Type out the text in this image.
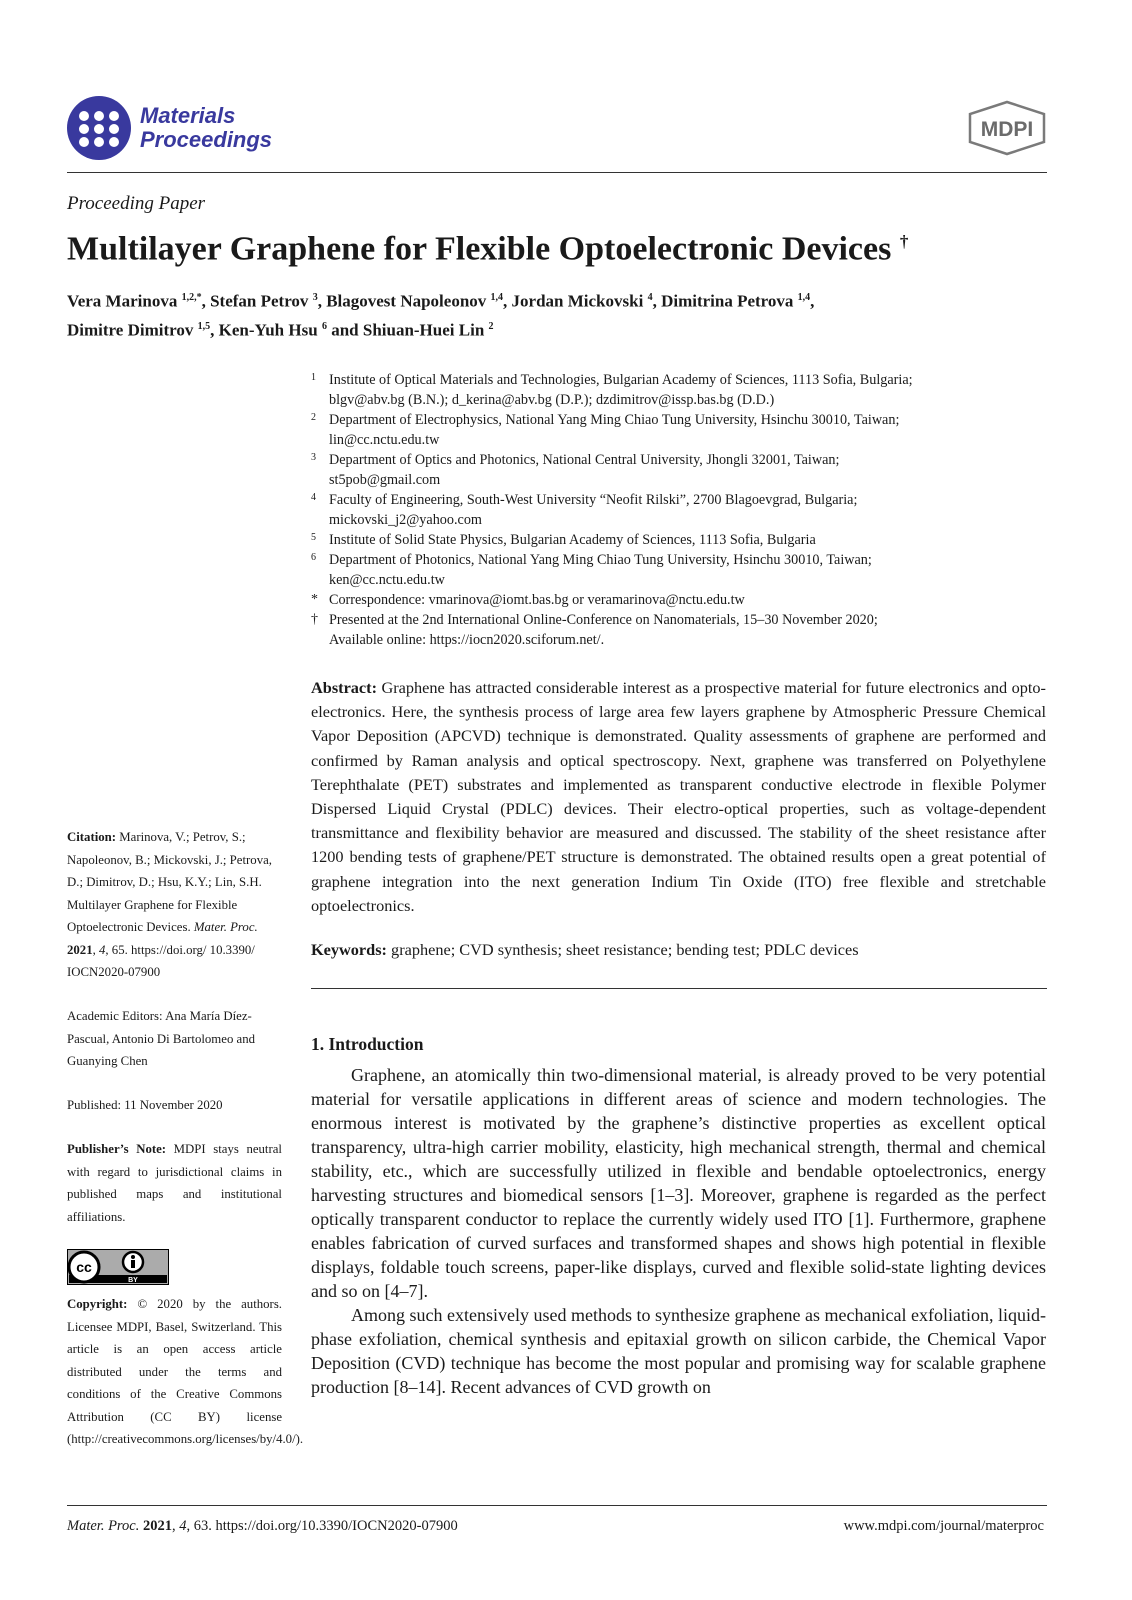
Materials
Proceedings	MDPI
Proceeding Paper
Multilayer Graphene for Flexible Optoelectronic Devices †
Vera Marinova $^{1,2,*}$, Stefan Petrov $^3$, Blagovest Napoleonov $^{1,4}$, Jordan Mickovski $^4$, Dimitrina Petrova $^{1,4}$,
Dimitre Dimitrov $^{1,5}$, Ken-Yuh Hsu $^6$ and Shiuan-Huei Lin $^2$
1 Institute of Optical Materials and Technologies, Bulgarian Academy of Sciences, 1113 Sofia, Bulgaria;
blgv@abv.bg (B.N.); d_kerina@abv.bg (D.P.); dzdimitrov@issp.bas.bg (D.D.)
2 Department of Electrophysics, National Yang Ming Chiao Tung University, Hsinchu 30010, Taiwan;
lin@cc.nctu.edu.tw
3 Department of Optics and Photonics, National Central University, Jhongli 32001, Taiwan;
st5pob@gmail.com
4 Faculty of Engineering, South-West University “Neofit Rilski”, 2700 Blagoevgrad, Bulgaria;
mickovski_j2@yahoo.com
5 Institute of Solid State Physics, Bulgarian Academy of Sciences, 1113 Sofia, Bulgaria
6 Department of Photonics, National Yang Ming Chiao Tung University, Hsinchu 30010, Taiwan;
ken@cc.nctu.edu.tw
* Correspondence: vmarinova@iomt.bas.bg or veramarinova@nctu.edu.tw
† Presented at the 2nd International Online-Conference on Nanomaterials, 15–30 November 2020;
Available online: https://iocn2020.sciforum.net/.
Abstract: Graphene has attracted considerable interest as a prospective material for future electronics and opto-electronics. Here, the synthesis process of large area few layers graphene by Atmospheric Pressure Chemical Vapor Deposition (APCVD) technique is demonstrated. Quality assessments of graphene are performed and confirmed by Raman analysis and optical spectroscopy. Next, graphene was transferred on Polyethylene Terephthalate (PET) substrates and implemented as transparent conductive electrode in flexible Polymer Dispersed Liquid Crystal (PDLC) devices. Their electro-optical properties, such as voltage-dependent transmittance and flexibility behavior are measured and discussed. The stability of the sheet resistance after 1200 bending tests of graphene/PET structure is demonstrated. The obtained results open a great potential of graphene integration into the next generation Indium Tin Oxide (ITO) free flexible and stretchable optoelectronics.
Keywords: graphene; CVD synthesis; sheet resistance; bending test; PDLC devices
1. Introduction

Graphene, an atomically thin two-dimensional material, is already proved to be very potential material for versatile applications in different areas of science and modern technologies. The enormous interest is motivated by the graphene’s distinctive properties as excellent optical transparency, ultra-high carrier mobility, elasticity, high mechanical strength, thermal and chemical stability, etc., which are successfully utilized in flexible and bendable optoelectronics, energy harvesting structures and biomedical sensors [1–3]. Moreover, graphene is regarded as the perfect optically transparent conductor to replace the currently widely used ITO [1]. Furthermore, graphene enables fabrication of curved surfaces and transformed shapes and shows high potential in flexible displays, foldable touch screens, paper-like displays, curved and flexible solid-state lighting devices and so on [4–7].

Among such extensively used methods to synthesize graphene as mechanical exfoliation, liquid-phase exfoliation, chemical synthesis and epitaxial growth on silicon carbide, the Chemical Vapor Deposition (CVD) technique has become the most popular and promising way for scalable graphene production [8–14]. Recent advances of CVD growth on

Citation: Marinova, V.; Petrov, S.; Napoleonov, B.; Mickovski, J.; Petrova, D.; Dimitrov, D.; Hsu, K.Y.; Lin, S.H. Multilayer Graphene for Flexible Optoelectronic Devices. Mater. Proc. 2021, 4, 65. https://doi.org/ 10.3390/ IOCN2020-07900
Academic Editors: Ana María Díez-Pascual, Antonio Di Bartolomeo and Guanying Chen
Published: 11 November 2020
Publisher’s Note: MDPI stays neutral with regard to jurisdictional claims in published maps and institutional affiliations.
cc
BY
Copyright: © 2020 by the authors. Licensee MDPI, Basel, Switzerland. This article is an open access article distributed under the terms and conditions of the Creative Commons Attribution (CC BY) license (http://creativecommons.org/licenses/by/4.0/).
Mater. Proc. 2021, 4, 63. https://doi.org/10.3390/IOCN2020-07900	www.mdpi.com/journal/materproc
